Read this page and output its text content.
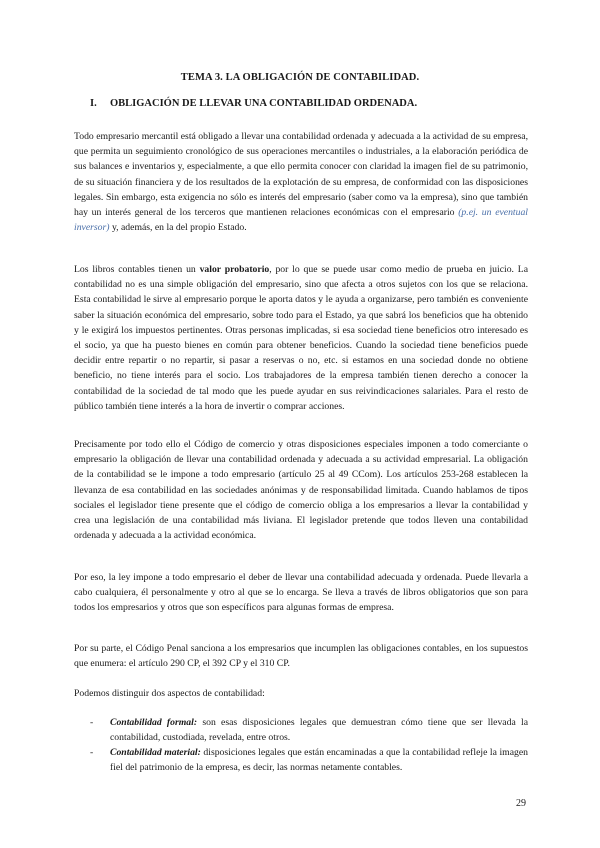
TEMA 3. LA OBLIGACIÓN DE CONTABILIDAD.
I. OBLIGACIÓN DE LLEVAR UNA CONTABILIDAD ORDENADA.

Todo empresario mercantil está obligado a llevar una contabilidad ordenada y adecuada a la actividad de su empresa, que permita un seguimiento cronológico de sus operaciones mercantiles o industriales, a la elaboración periódica de sus balances e inventarios y, especialmente, a que ello permita conocer con claridad la imagen fiel de su patrimonio, de su situación financiera y de los resultados de la explotación de su empresa, de conformidad con las disposiciones legales. Sin embargo, esta exigencia no sólo es interés del empresario (saber como va la empresa), sino que también hay un interés general de los terceros que mantienen relaciones económicas con el empresario (p.ej. un eventual inversor) y, además, en la del propio Estado.

Los libros contables tienen un valor probatorio, por lo que se puede usar como medio de prueba en juicio. La contabilidad no es una simple obligación del empresario, sino que afecta a otros sujetos con los que se relaciona. Esta contabilidad le sirve al empresario porque le aporta datos y le ayuda a organizarse, pero también es conveniente saber la situación económica del empresario, sobre todo para el Estado, ya que sabrá los beneficios que ha obtenido y le exigirá los impuestos pertinentes. Otras personas implicadas, si esa sociedad tiene beneficios otro interesado es el socio, ya que ha puesto bienes en común para obtener beneficios. Cuando la sociedad tiene beneficios puede decidir entre repartir o no repartir, si pasar a reservas o no, etc. si estamos en una sociedad donde no obtiene beneficio, no tiene interés para el socio. Los trabajadores de la empresa también tienen derecho a conocer la contabilidad de la sociedad de tal modo que les puede ayudar en sus reivindicaciones salariales. Para el resto de público también tiene interés a la hora de invertir o comprar acciones.

Precisamente por todo ello el Código de comercio y otras disposiciones especiales imponen a todo comerciante o empresario la obligación de llevar una contabilidad ordenada y adecuada a su actividad empresarial. La obligación de la contabilidad se le impone a todo empresario (artículo 25 al 49 CCom). Los artículos 253-268 establecen la llevanza de esa contabilidad en las sociedades anónimas y de responsabilidad limitada. Cuando hablamos de tipos sociales el legislador tiene presente que el código de comercio obliga a los empresarios a llevar la contabilidad y crea una legislación de una contabilidad más liviana. El legislador pretende que todos lleven una contabilidad ordenada y adecuada a la actividad económica.

Por eso, la ley impone a todo empresario el deber de llevar una contabilidad adecuada y ordenada. Puede llevarla a cabo cualquiera, él personalmente y otro al que se lo encarga. Se lleva a través de libros obligatorios que son para todos los empresarios y otros que son específicos para algunas formas de empresa.

Por su parte, el Código Penal sanciona a los empresarios que incumplen las obligaciones contables, en los supuestos que enumera: el artículo 290 CP, el 392 CP y el 310 CP.

Podemos distinguir dos aspectos de contabilidad:

- Contabilidad formal: son esas disposiciones legales que demuestran cómo tiene que ser llevada la contabilidad, custodiada, revelada, entre otros.
- Contabilidad material: disposiciones legales que están encaminadas a que la contabilidad refleje la imagen fiel del patrimonio de la empresa, es decir, las normas netamente contables.
29
